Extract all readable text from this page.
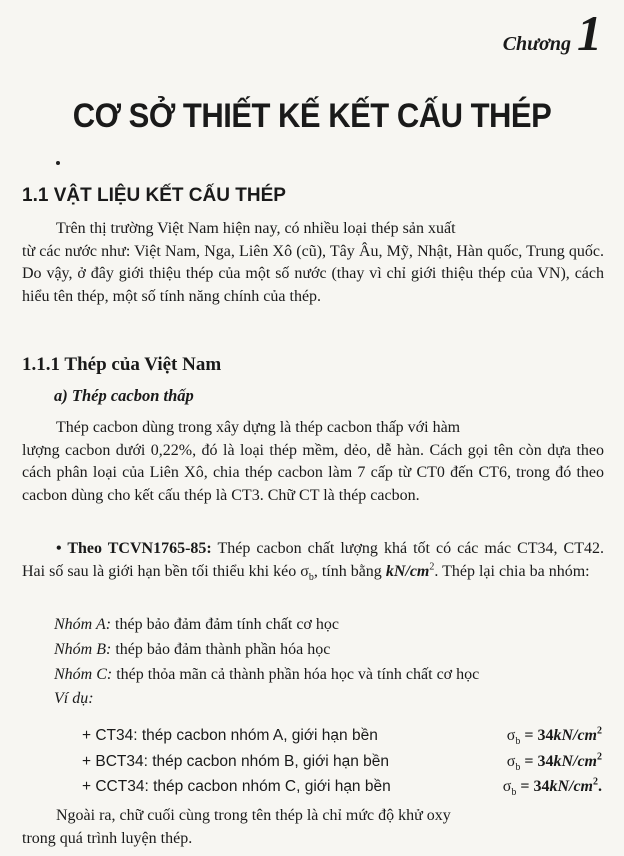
Chương 1
CƠ SỞ THIẾT KẾ KẾT CẤU THÉP
1.1 VẬT LIỆU KẾT CẤU THÉP

Trên thị trường Việt Nam hiện nay, có nhiều loại thép sản xuất
từ các nước như: Việt Nam, Nga, Liên Xô (cũ), Tây Âu, Mỹ, Nhật, Hàn quốc, Trung quốc. Do vậy, ở đây giới thiệu thép của một số nước (thay vì chỉ giới thiệu thép của VN), cách hiểu tên thép, một số tính năng chính của thép.

1.1.1 Thép của Việt Nam
a) Thép cacbon thấp

Thép cacbon dùng trong xây dựng là thép cacbon thấp với hàm
lượng cacbon dưới 0,22%, đó là loại thép mềm, dẻo, dễ hàn. Cách gọi tên còn dựa theo cách phân loại của Liên Xô, chia thép cacbon làm 7 cấp từ CT0 đến CT6, trong đó theo cacbon dùng cho kết cấu thép là CT3. Chữ CT là thép cacbon.

• Theo TCVN1765-85: Thép cacbon chất lượng khá tốt có các mác CT34, CT42. Hai số sau là giới hạn bền tối thiểu khi kéo $\sigma_b$, tính bằng $kN/cm^2$. Thép lại chia ba nhóm:

Nhóm A: thép bảo đảm đảm tính chất cơ học
Nhóm B: thép bảo đảm thành phần hóa học
Nhóm C: thép thỏa mãn cả thành phần hóa học và tính chất cơ học
Ví dụ:
+ CT34: thép cacbon nhóm A, giới hạn bền	$\sigma_b = 34kN/cm^2$
+ BCT34: thép cacbon nhóm B, giới hạn bền	$\sigma_b = 34kN/cm^2$
+ CCT34: thép cacbon nhóm C, giới hạn bền	$\sigma_b = 34kN/cm^2$.

Ngoài ra, chữ cuối cùng trong tên thép là chỉ mức độ khử oxy
trong quá trình luyện thép.
